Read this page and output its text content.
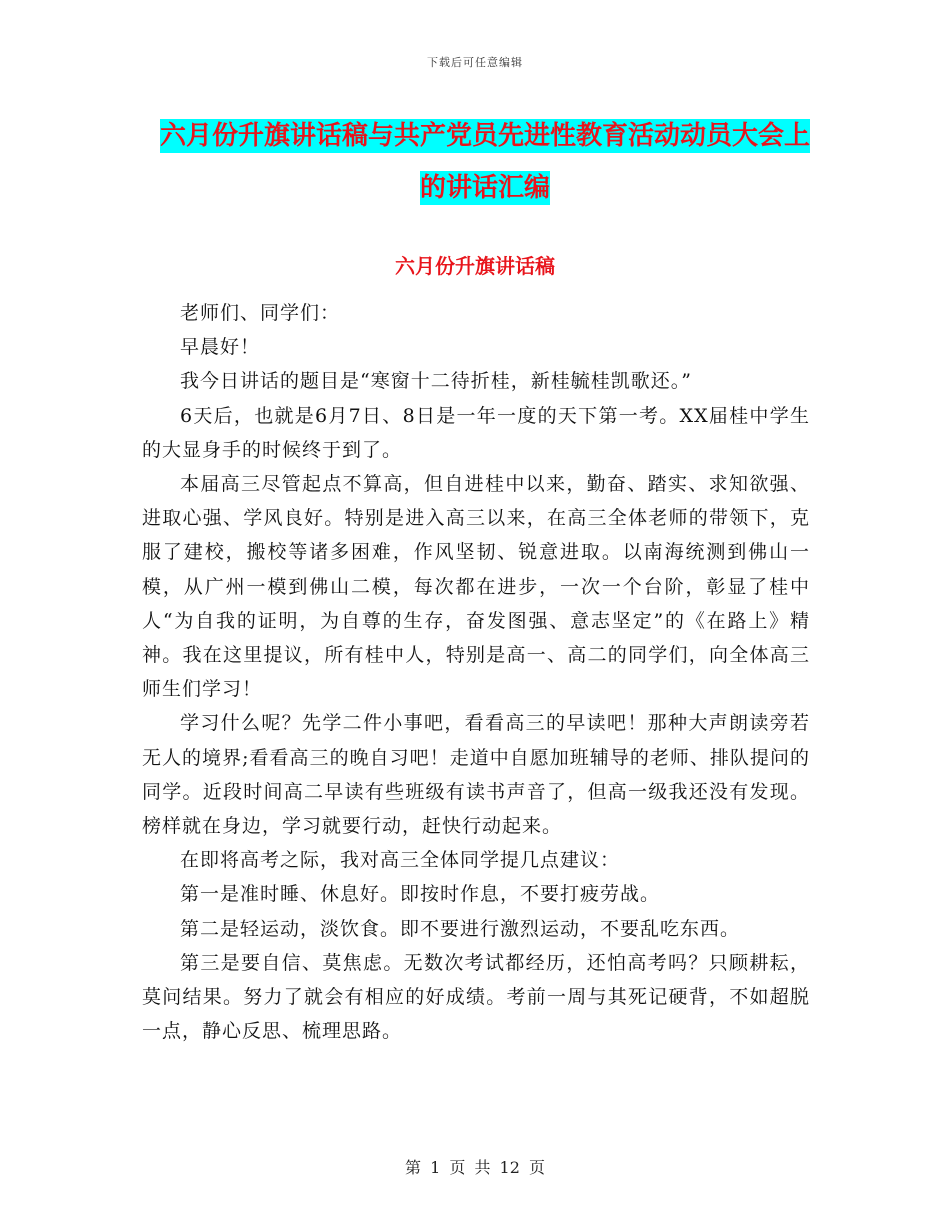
下载后可任意编辑
六月份升旗讲话稿与共产党员先进性教育活动动员大会上的讲话汇编
六月份升旗讲话稿

老师们、同学们：

早晨好！

我今日讲话的题目是“寒窗十二待折桂，新桂毓桂凯歌还。”

6天后，也就是6月7日、8日是一年一度的天下第一考。XX届桂中学生的大显身手的时候终于到了。

本届高三尽管起点不算高，但自进桂中以来，勤奋、踏实、求知欲强、进取心强、学风良好。特别是进入高三以来，在高三全体老师的带领下，克服了建校，搬校等诸多困难，作风坚韧、锐意进取。以南海统测到佛山一模，从广州一模到佛山二模，每次都在进步，一次一个台阶，彰显了桂中人“为自我的证明，为自尊的生存，奋发图强、意志坚定”的《在路上》精神。我在这里提议，所有桂中人，特别是高一、高二的同学们，向全体高三师生们学习！

学习什么呢？先学二件小事吧，看看高三的早读吧！那种大声朗读旁若无人的境界;看看高三的晚自习吧！走道中自愿加班辅导的老师、排队提问的同学。近段时间高二早读有些班级有读书声音了，但高一级我还没有发现。榜样就在身边，学习就要行动，赶快行动起来。

在即将高考之际，我对高三全体同学提几点建议：

第一是准时睡、休息好。即按时作息，不要打疲劳战。

第二是轻运动，淡饮食。即不要进行激烈运动，不要乱吃东西。

第三是要自信、莫焦虑。无数次考试都经历，还怕高考吗？只顾耕耘，莫问结果。努力了就会有相应的好成绩。考前一周与其死记硬背，不如超脱一点，静心反思、梳理思路。

第 1 页 共 12 页
